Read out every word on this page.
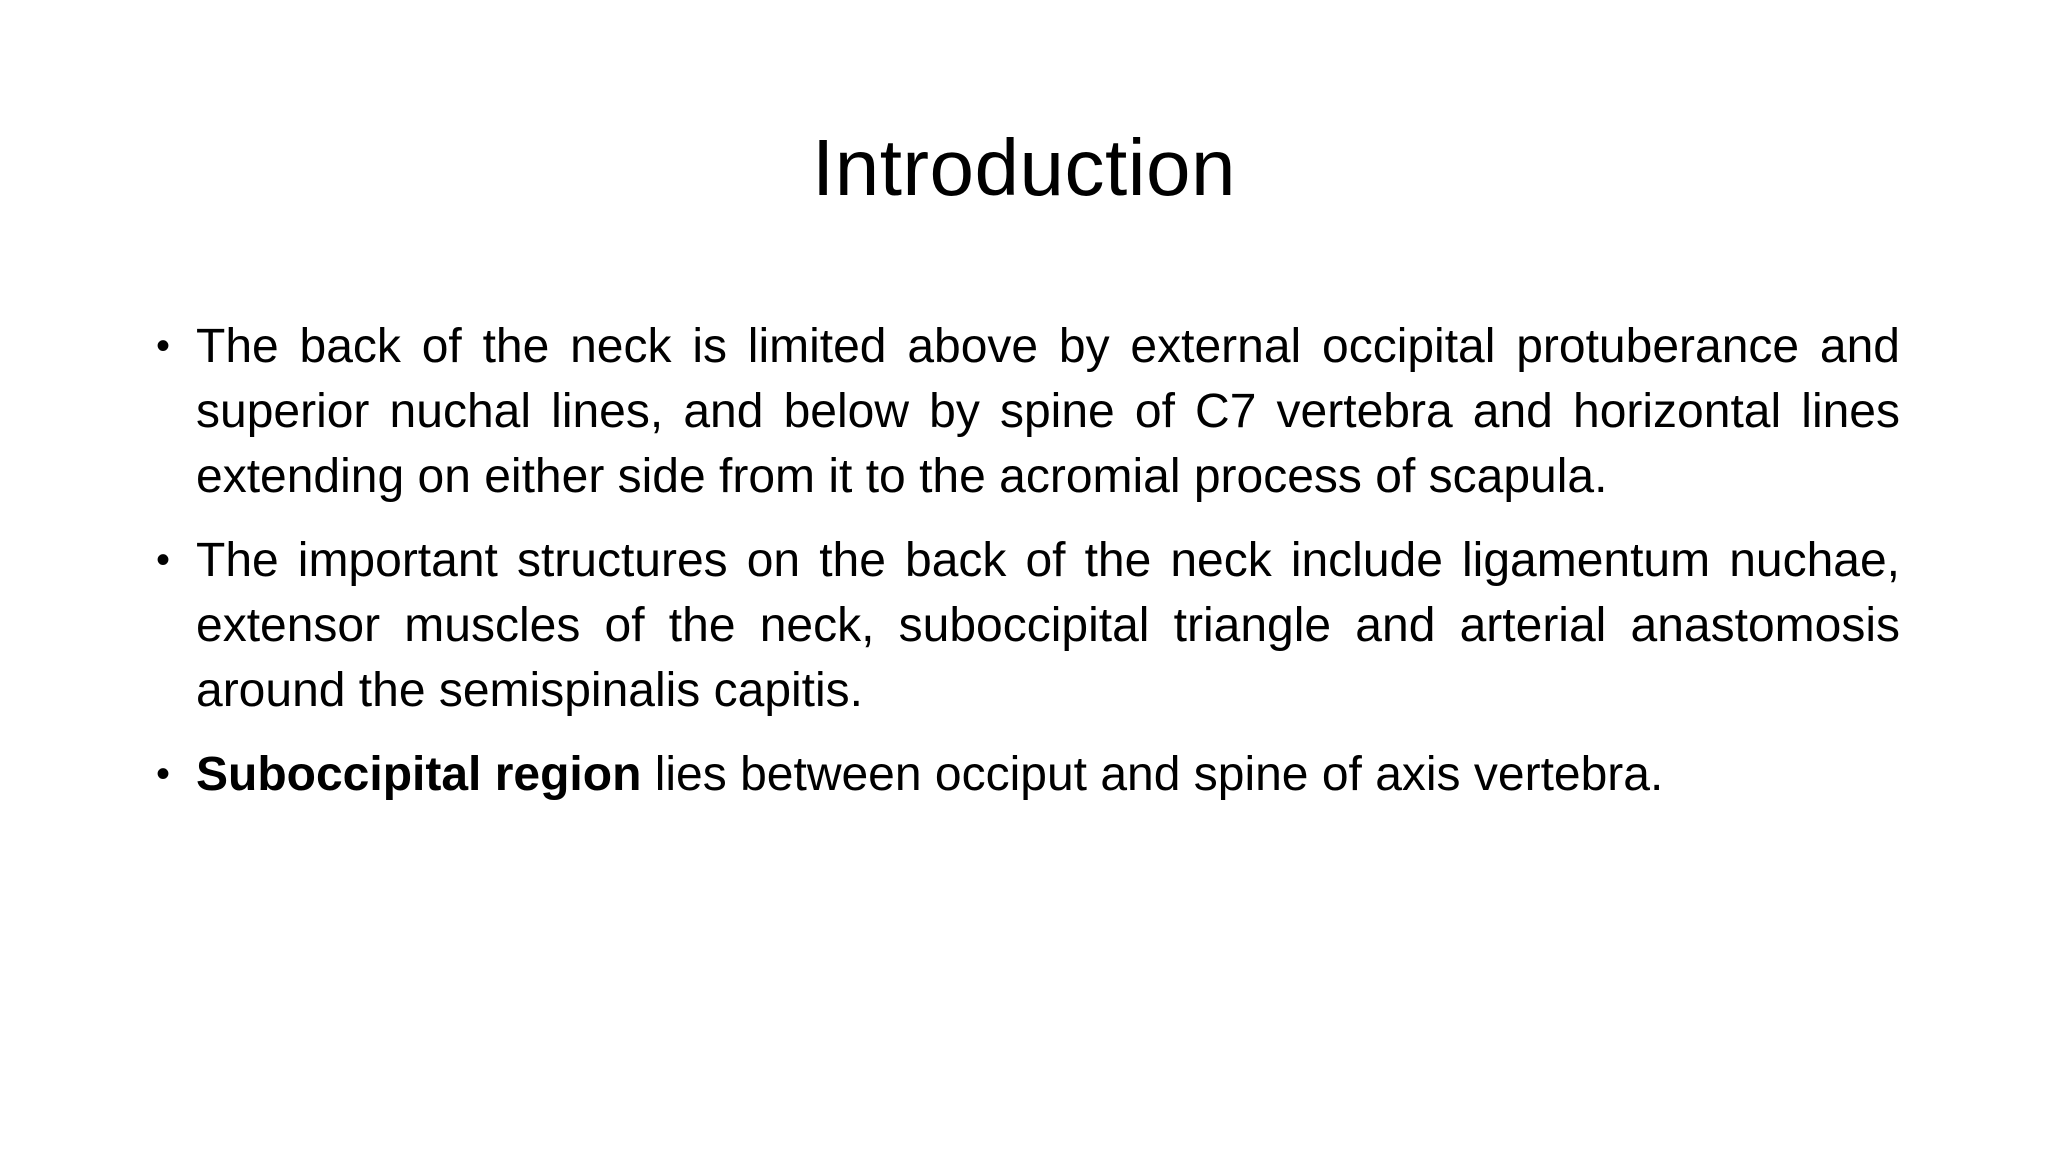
Introduction
• The back of the neck is limited above by external occipital protuberance and superior nuchal lines, and below by spine of C7 vertebra and horizontal lines extending on either side from it to the acromial process of scapula.
• The important structures on the back of the neck include ligamentum nuchae, extensor muscles of the neck, suboccipital triangle and arterial anastomosis around the semispinalis capitis.
• Suboccipital region lies between occiput and spine of axis vertebra.
